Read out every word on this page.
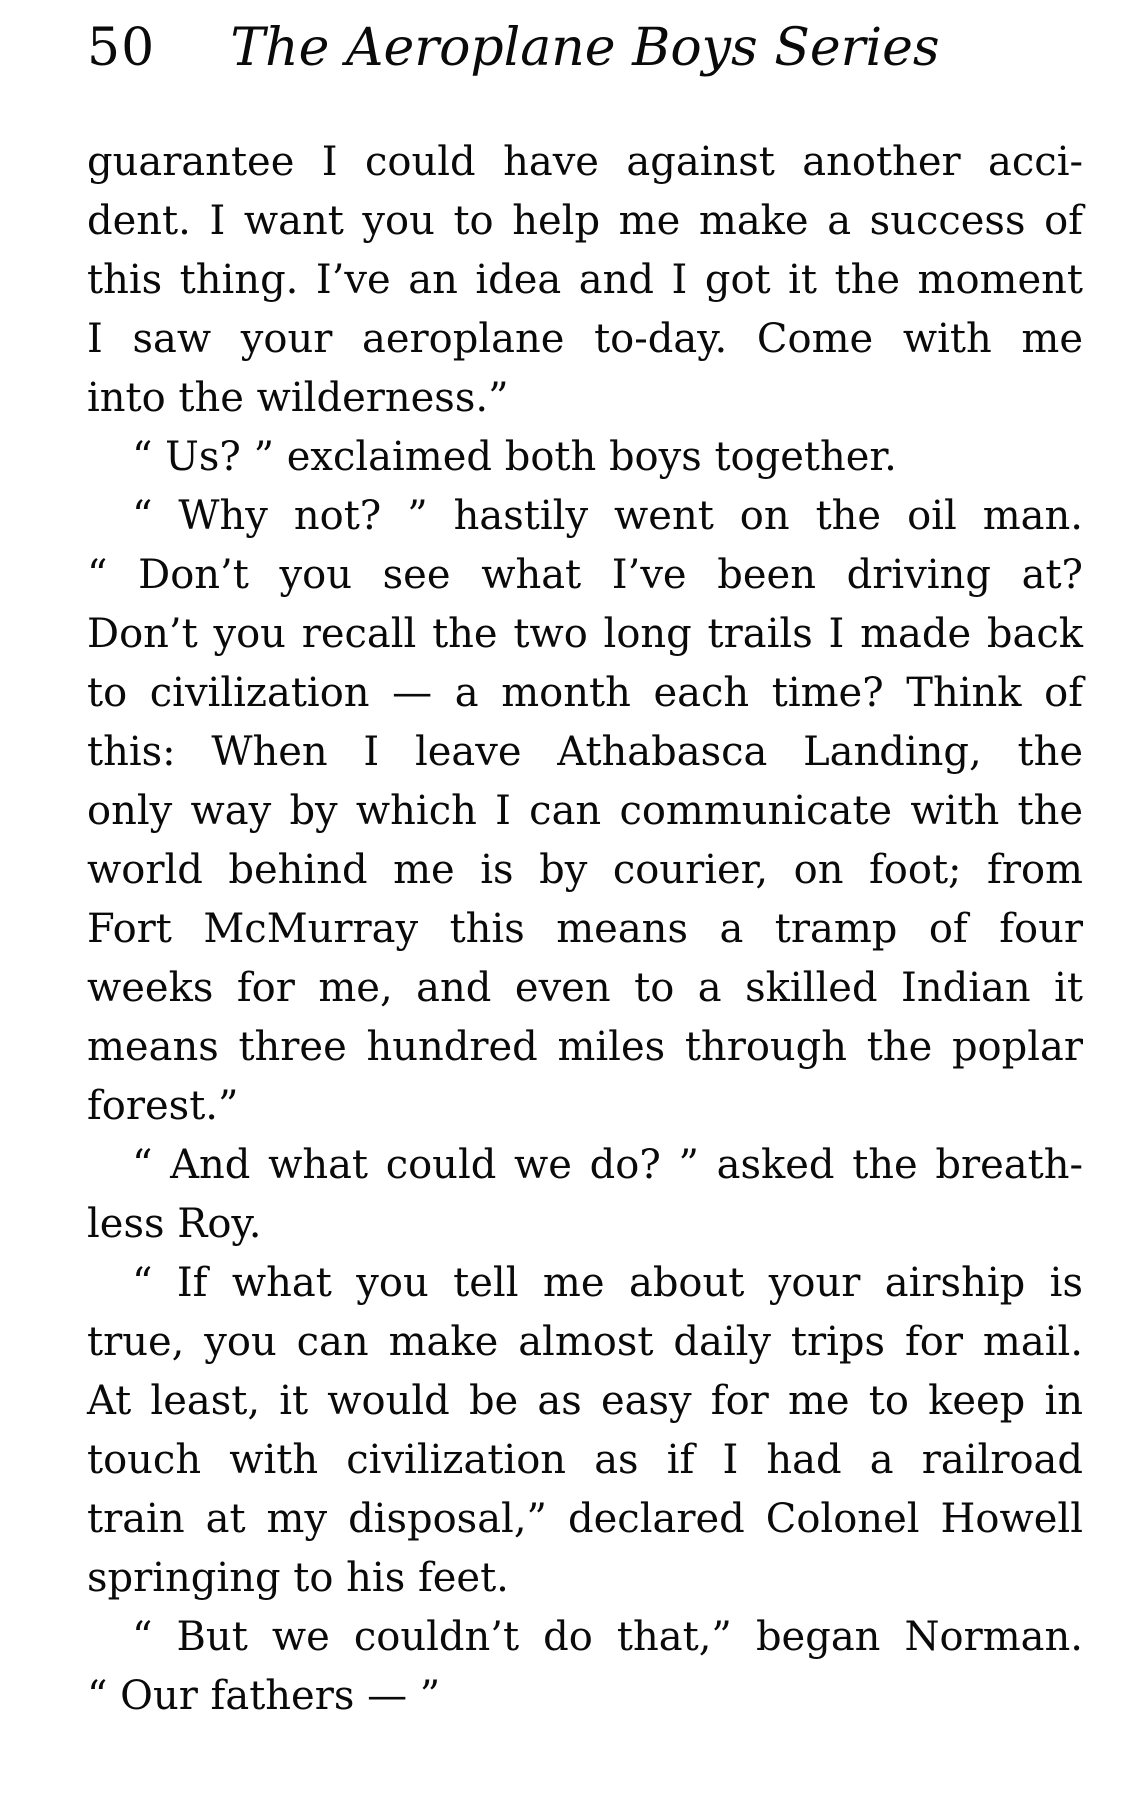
50	The Aeroplane Boys Series
guarantee I could have against another acci-
dent. I want you to help me make a success of
this thing. I’ve an idea and I got it the moment
I saw your aeroplane to-day. Come with me
into the wilderness.”
“ Us? ” exclaimed both boys together.
“ Why not? ” hastily went on the oil man.
“ Don’t you see what I’ve been driving at?
Don’t you recall the two long trails I made back
to civilization — a month each time? Think of
this: When I leave Athabasca Landing, the
only way by which I can communicate with the
world behind me is by courier, on foot; from
Fort McMurray this means a tramp of four
weeks for me, and even to a skilled Indian it
means three hundred miles through the poplar
forest.”
“ And what could we do? ” asked the breath-
less Roy.
“ If what you tell me about your airship is
true, you can make almost daily trips for mail.
At least, it would be as easy for me to keep in
touch with civilization as if I had a railroad
train at my disposal,” declared Colonel Howell
springing to his feet.
“ But we couldn’t do that,” began Norman.
“ Our fathers — ”
